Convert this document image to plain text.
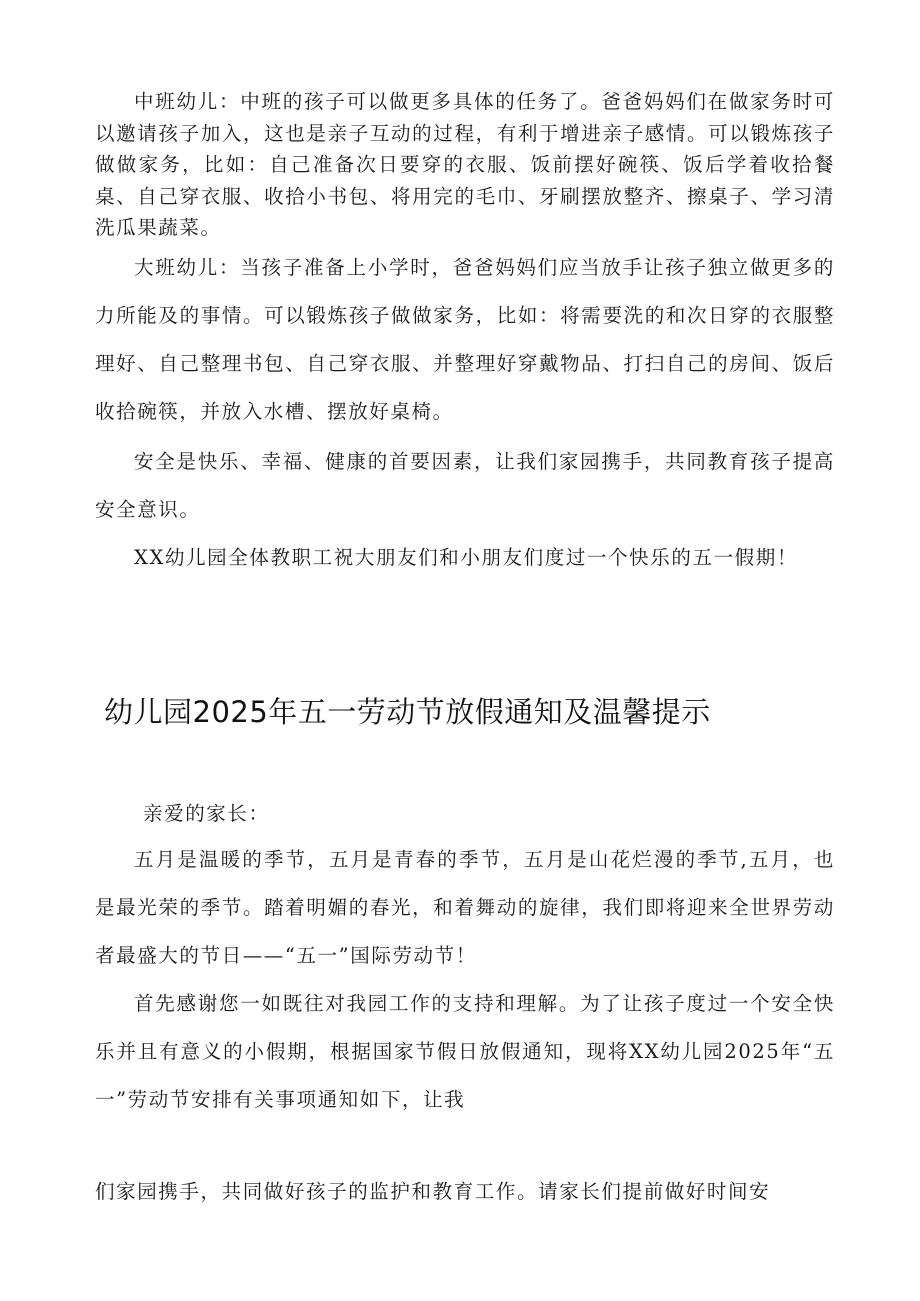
中班幼儿：中班的孩子可以做更多具体的任务了。爸爸妈妈们在做家务时可以邀请孩子加入，这也是亲子互动的过程，有利于增进亲子感情。可以锻炼孩子做做家务，比如：自己准备次日要穿的衣服、饭前摆好碗筷、饭后学着收拾餐桌、自己穿衣服、收拾小书包、将用完的毛巾、牙刷摆放整齐、擦桌子、学习清洗瓜果蔬菜。

大班幼儿：当孩子准备上小学时，爸爸妈妈们应当放手让孩子独立做更多的力所能及的事情。可以锻炼孩子做做家务，比如：将需要洗的和次日穿的衣服整理好、自己整理书包、自己穿衣服、并整理好穿戴物品、打扫自己的房间、饭后收拾碗筷，并放入水槽、摆放好桌椅。

安全是快乐、幸福、健康的首要因素，让我们家园携手，共同教育孩子提高安全意识。

XX幼儿园全体教职工祝大朋友们和小朋友们度过一个快乐的五一假期！

幼儿园2025年五一劳动节放假通知及温馨提示

亲爱的家长：

五月是温暖的季节，五月是青春的季节，五月是山花烂漫的季节,五月，也是最光荣的季节。踏着明媚的春光，和着舞动的旋律，我们即将迎来全世界劳动者最盛大的节日——“五一”国际劳动节！

首先感谢您一如既往对我园工作的支持和理解。为了让孩子度过一个安全快乐并且有意义的小假期，根据国家节假日放假通知，现将XX幼儿园2025年“五一”劳动节安排有关事项通知如下，让我

们家园携手，共同做好孩子的监护和教育工作。请家长们提前做好时间安
